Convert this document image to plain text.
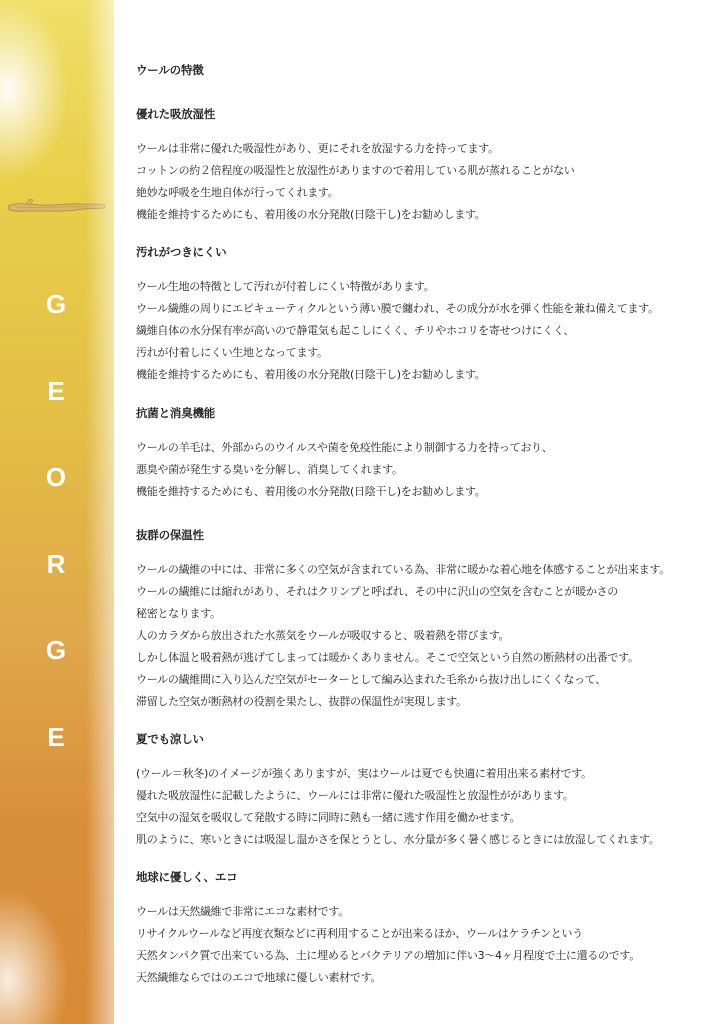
G
E
O
R
G
E
ウールの特徴
優れた吸放湿性
ウールは非常に優れた吸湿性があり、更にそれを放湿する力を持ってます。
コットンの約２倍程度の吸湿性と放湿性がありますので着用している肌が蒸れることがない
絶妙な呼吸を生地自体が行ってくれます。
機能を維持するためにも、着用後の水分発散(日陰干し)をお勧めします。
汚れがつきにくい
ウール生地の特徴として汚れが付着しにくい特徴があります。
ウール繊維の周りにエピキューティクルという薄い膜で纏われ、その成分が水を弾く性能を兼ね備えてます。
繊維自体の水分保有率が高いので静電気も起こしにくく、チリやホコリを寄せつけにくく、
汚れが付着しにくい生地となってます。
機能を維持するためにも、着用後の水分発散(日陰干し)をお勧めします。
抗菌と消臭機能
ウールの羊毛は、外部からのウイルスや菌を免疫性能により制御する力を持っており、
悪臭や菌が発生する臭いを分解し、消臭してくれます。
機能を維持するためにも、着用後の水分発散(日陰干し)をお勧めします。
抜群の保温性
ウールの繊維の中には、非常に多くの空気が含まれている為、非常に暖かな着心地を体感することが出来ます。
ウールの繊維には縮れがあり、それはクリンプと呼ばれ、その中に沢山の空気を含むことが暖かさの
秘密となります。
人のカラダから放出された水蒸気をウールが吸収すると、吸着熱を帯びます。
しかし体温と吸着熱が逃げてしまっては暖かくありません。そこで空気という自然の断熱材の出番です。
ウールの繊維間に入り込んだ空気がセーターとして編み込まれた毛糸から抜け出しにくくなって、
滞留した空気が断熱材の役割を果たし、抜群の保温性が実現します。
夏でも涼しい
(ウール＝秋冬)のイメージが強くありますが、実はウールは夏でも快適に着用出来る素材です。
優れた吸放湿性に記載したように、ウールには非常に優れた吸湿性と放湿性ががあります。
空気中の湿気を吸収して発散する時に同時に熱も一緒に逃す作用を働かせます。
肌のように、寒いときには吸湿し温かさを保とうとし、水分量が多く暑く感じるときには放湿してくれます。
地球に優しく、エコ
ウールは天然繊維で非常にエコな素材です。
リサイクルウールなど再度衣類などに再利用することが出来るほか、ウールはケラチンという
天然タンパク質で出来ている為、土に埋めるとバクテリアの増加に伴い3〜4ヶ月程度で土に還るのです。
天然繊維ならではのエコで地球に優しい素材です。
